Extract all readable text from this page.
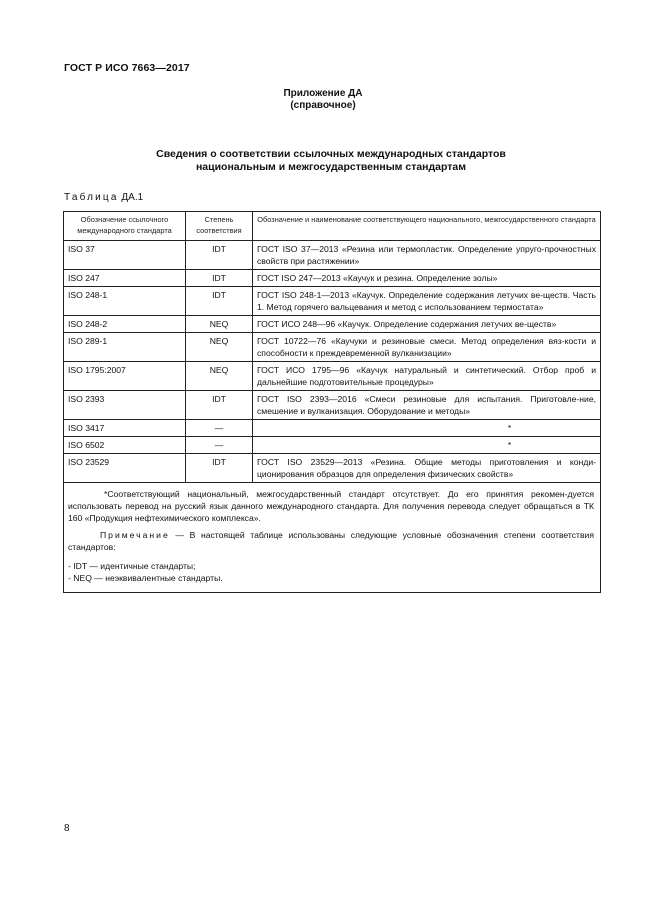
ГОСТ Р ИСО 7663—2017
Приложение ДА
(справочное)
Сведения о соответствии ссылочных международных стандартов
национальным и межгосударственным стандартам
Таблица ДА.1
Обозначение ссылочного международного стандарта	Степень соответствия	Обозначение и наименование соответствующего национального, межгосударственного стандарта
ISO 37	IDT	ГОСТ ISO 37—2013 «Резина или термопластик. Определение упруго-прочностных свойств при растяжении»
ISO 247	IDT	ГОСТ ISO 247—2013 «Каучук и резина. Определение золы»
ISO 248-1	IDT	ГОСТ ISO 248-1—2013 «Каучук. Определение содержания летучих ве-ществ. Часть 1. Метод горячего вальцевания и метод с использованием термостата»
ISO 248-2	NEQ	ГОСТ ИСО 248—96 «Каучук. Определение содержания летучих ве-ществ»
ISO 289-1	NEQ	ГОСТ 10722—76 «Каучуки и резиновые смеси. Метод определения вяз-кости и способности к преждевременной вулканизации»
ISO 1795:2007	NEQ	ГОСТ ИСО 1795—96 «Каучук натуральный и синтетический. Отбор проб и дальнейшие подготовительные процедуры»
ISO 2393	IDT	ГОСТ ISO 2393—2016 «Смеси резиновые для испытания. Приготовле-ние, смешение и вулканизация. Оборудование и методы»
ISO 3417	—	*
ISO 6502	—	*
ISO 23529	IDT	ГОСТ ISO 23529—2013 «Резина. Общие методы приготовления и конди-ционирования образцов для определения физических свойств»

*Соответствующий национальный, межгосударственный стандарт отсутствует. До его принятия рекомен-дуется использовать перевод на русский язык данного международного стандарта. Для получения перевода следует обращаться в ТК 160 «Продукция нефтехимического комплекса».

Примечание — В настоящей таблице использованы следующие условные обозначения степени соответствия стандартов:

- IDT — идентичные стандарты;

- NEQ — неэквивалентные стандарты.		

8
